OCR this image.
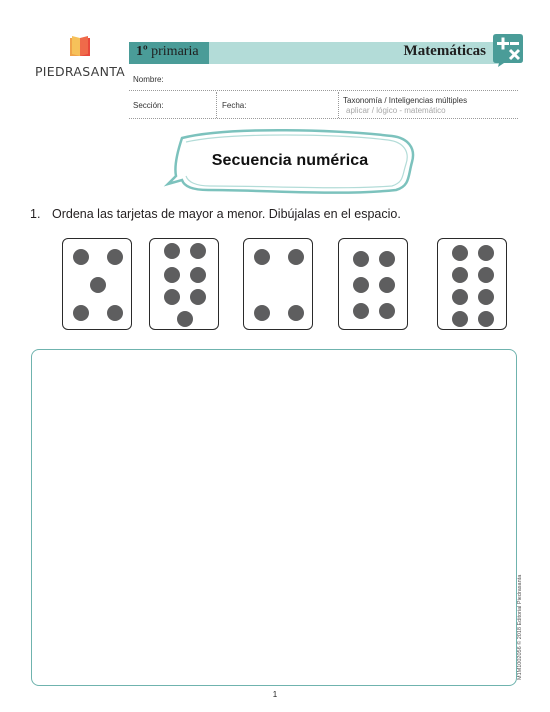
PIEDRASANTA
1º primaria	Matemáticas
Nombre:
Sección:	Fecha:
Taxonomía / Inteligencias múltiples
aplicar / lógico - matemático
Secuencia numérica
1. Ordena las tarjetas de mayor a menor. Dibújalas en el espacio.
1
M1M1002056 © 2018 Editorial Piedrasanta
